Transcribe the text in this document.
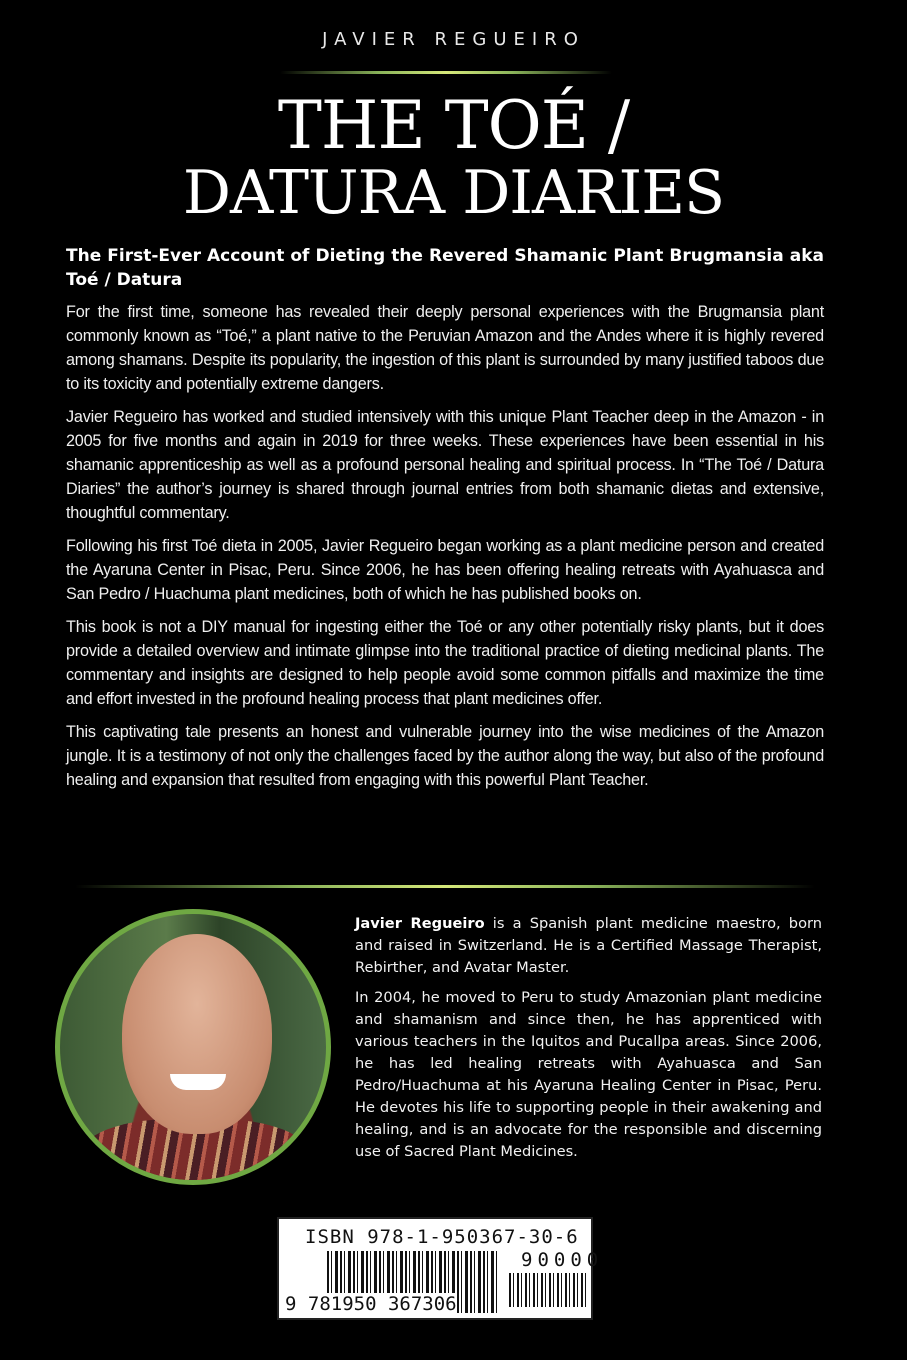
JAVIER REGUEIRO
THE TOÉ /
DATURA DIARIES
The First-Ever Account of Dieting the Revered Shamanic Plant Brugmansia aka Toé / Datura

For the first time, someone has revealed their deeply personal experiences with the Brugmansia plant commonly known as “Toé,” a plant native to the Peruvian Amazon and the Andes where it is highly revered among shamans. Despite its popularity, the ingestion of this plant is surrounded by many justified taboos due to its toxicity and potentially extreme dangers.

Javier Regueiro has worked and studied intensively with this unique Plant Teacher deep in the Amazon - in 2005 for five months and again in 2019 for three weeks. These experiences have been essential in his shamanic apprenticeship as well as a profound personal healing and spiritual process. In “The Toé / Datura Diaries” the author’s journey is shared through journal entries from both shamanic dietas and extensive, thoughtful commentary.

Following his first Toé dieta in 2005, Javier Regueiro began working as a plant medicine person and created the Ayaruna Center in Pisac, Peru. Since 2006, he has been offering healing retreats with Ayahuasca and San Pedro / Huachuma plant medicines, both of which he has published books on.

This book is not a DIY manual for ingesting either the Toé or any other potentially risky plants, but it does provide a detailed overview and intimate glimpse into the traditional practice of dieting medicinal plants. The commentary and insights are designed to help people avoid some common pitfalls and maximize the time and effort invested in the profound healing process that plant medicines offer.

This captivating tale presents an honest and vulnerable journey into the wise medicines of the Amazon jungle. It is a testimony of not only the challenges faced by the author along the way, but also of the profound healing and expansion that resulted from engaging with this powerful Plant Teacher.

Javier Regueiro is a Spanish plant medicine maestro, born and raised in Switzerland. He is a Certified Massage Therapist, Rebirther, and Avatar Master.

In 2004, he moved to Peru to study Amazonian plant medicine and shamanism and since then, he has apprenticed with various teachers in the Iquitos and Pucallpa areas. Since 2006, he has led healing retreats with Ayahuasca and San Pedro/Huachuma at his Ayaruna Healing Center in Pisac, Peru. He devotes his life to supporting people in their awakening and healing, and is an advocate for the responsible and discerning use of Sacred Plant Medicines.

ISBN 978-1-950367-30-6
90000
9 781950 367306
